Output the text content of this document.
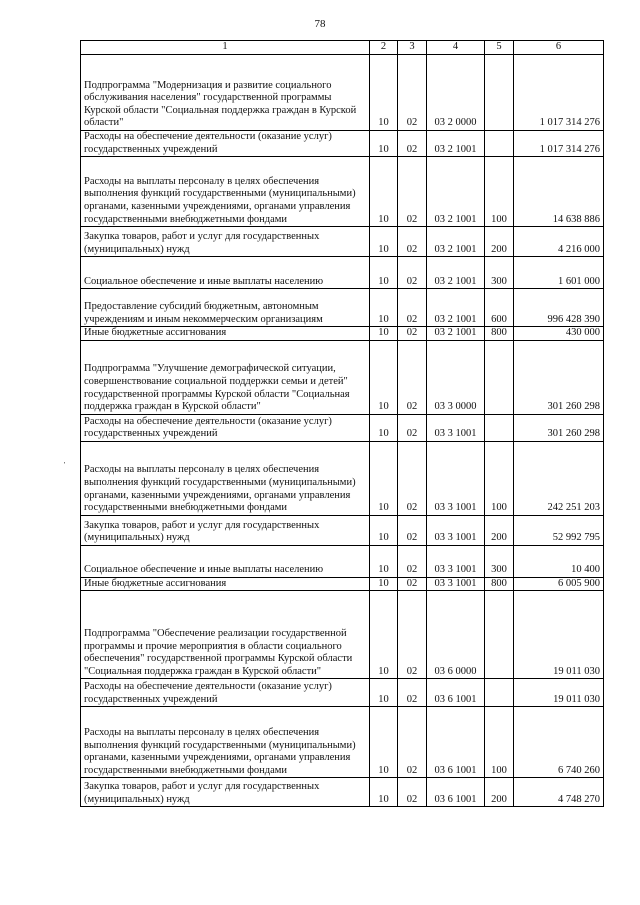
78
'
1	2	3	4	5	6
Подпрограмма "Модернизация и развитие социального обслуживания населения" государственной программы Курской области "Социальная поддержка граждан в Курской области"	10	02	03 2 0000		1 017 314 276
Расходы на обеспечение деятельности (оказание услуг) государственных учреждений	10	02	03 2 1001		1 017 314 276
Расходы на выплаты персоналу в целях обеспечения выполнения функций государственными (муниципальными) органами, казенными учреждениями, органами управления государственными внебюджетными фондами	10	02	03 2 1001	100	14 638 886
Закупка товаров, работ и услуг для государственных (муниципальных) нужд	10	02	03 2 1001	200	4 216 000
Социальное обеспечение и иные выплаты населению	10	02	03 2 1001	300	1 601 000
Предоставление субсидий бюджетным, автономным учреждениям и иным некоммерческим организациям	10	02	03 2 1001	600	996 428 390
Иные бюджетные ассигнования	10	02	03 2 1001	800	430 000
Подпрограмма "Улучшение демографической ситуации, совершенствование социальной поддержки семьи и детей" государственной программы Курской области "Социальная поддержка граждан в Курской области"	10	02	03 3 0000		301 260 298
Расходы на обеспечение деятельности (оказание услуг) государственных учреждений	10	02	03 3 1001		301 260 298
Расходы на выплаты персоналу в целях обеспечения выполнения функций государственными (муниципальными) органами, казенными учреждениями, органами управления государственными внебюджетными фондами	10	02	03 3 1001	100	242 251 203
Закупка товаров, работ и услуг для государственных (муниципальных) нужд	10	02	03 3 1001	200	52 992 795
Социальное обеспечение и иные выплаты населению	10	02	03 3 1001	300	10 400
Иные бюджетные ассигнования	10	02	03 3 1001	800	6 005 900
Подпрограмма "Обеспечение реализации государственной программы и прочие мероприятия в области социального обеспечения" государственной программы Курской области "Социальная поддержка граждан в Курской области"	10	02	03 6 0000		19 011 030
Расходы на обеспечение деятельности (оказание услуг) государственных учреждений	10	02	03 6 1001		19 011 030
Расходы на выплаты персоналу в целях обеспечения выполнения функций государственными (муниципальными) органами, казенными учреждениями, органами управления государственными внебюджетными фондами	10	02	03 6 1001	100	6 740 260
Закупка товаров, работ и услуг для государственных (муниципальных) нужд	10	02	03 6 1001	200	4 748 270
